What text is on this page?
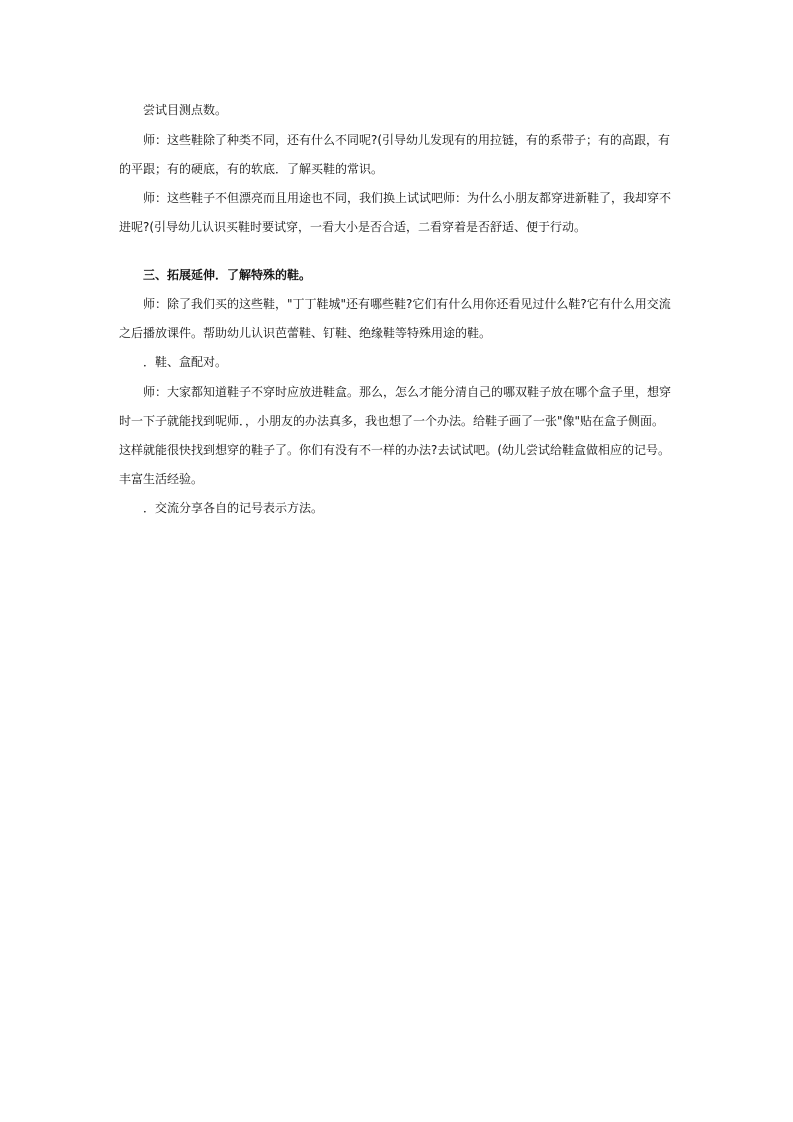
尝试目测点数。
师：这些鞋除了种类不同，还有什么不同呢?(引导幼儿发现有的用拉链，有的系带子；有的高跟，有的平跟；有的硬底，有的软底．了解买鞋的常识。
师：这些鞋子不但漂亮而且用途也不同，我们换上试试吧师：为什么小朋友都穿进新鞋了，我却穿不进呢?(引导幼儿认识买鞋时要试穿，一看大小是否合适，二看穿着是否舒适、便于行动。
三、拓展延伸．了解特殊的鞋。
师：除了我们买的这些鞋，"丁丁鞋城"还有哪些鞋?它们有什么用你还看见过什么鞋?它有什么用交流之后播放课件。帮助幼儿认识芭蕾鞋、钉鞋、绝缘鞋等特殊用途的鞋。
．鞋、盒配对。
师：大家都知道鞋子不穿时应放进鞋盒。那么，怎么才能分清自己的哪双鞋子放在哪个盒子里，想穿时一下子就能找到呢师．，小朋友的办法真多，我也想了一个办法。给鞋子画了一张"像"贴在盒子侧面。这样就能很快找到想穿的鞋子了。你们有没有不一样的办法?去试试吧。(幼儿尝试给鞋盒做相应的记号。丰富生活经验。
．交流分享各自的记号表示方法。
